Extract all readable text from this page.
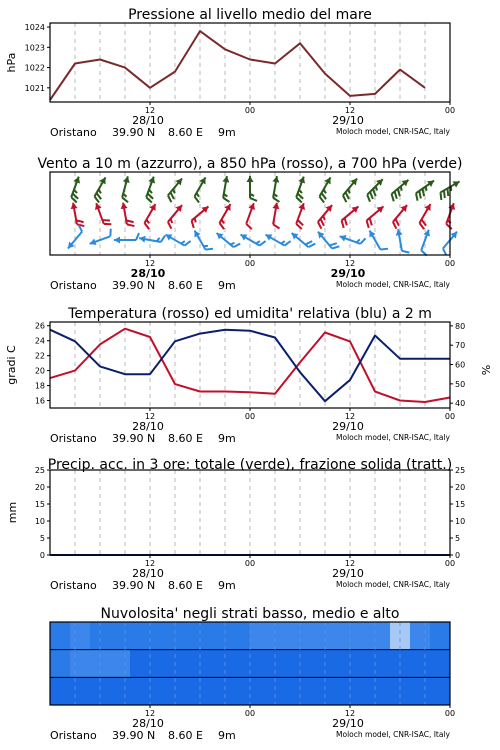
Pressione al livello medio del mare
1021
1022
1023
1024
hPa
12	00	12	00
28/10	29/10
Oristano 39.90 N 8.60 E 9m	Moloch model, CNR-ISAC, Italy
Vento a 10 m (azzurro), a 850 hPa (rosso), a 700 hPa (verde)
12	00	12	00
28/10	29/10
Oristano 39.90 N 8.60 E 9m	Moloch model, CNR-ISAC, Italy
Temperatura (rosso) ed umidita' relativa (blu) a 2 m
16
18
20
22
24
26
40
50
60
70
80
gradi C	%
12	00	12	00
28/10	29/10
Oristano 39.90 N 8.60 E 9m	Moloch model, CNR-ISAC, Italy
Precip. acc. in 3 ore: totale (verde), frazione solida (tratt.)
0	0
5	5
10	10
15	15
20	20
25	25
mm
12	00	12	00
28/10	29/10
Oristano 39.90 N 8.60 E 9m	Moloch model, CNR-ISAC, Italy
Nuvolosita' negli strati basso, medio e alto
12	00	12	00
28/10	29/10
Oristano 39.90 N 8.60 E 9m	Moloch model, CNR-ISAC, Italy
